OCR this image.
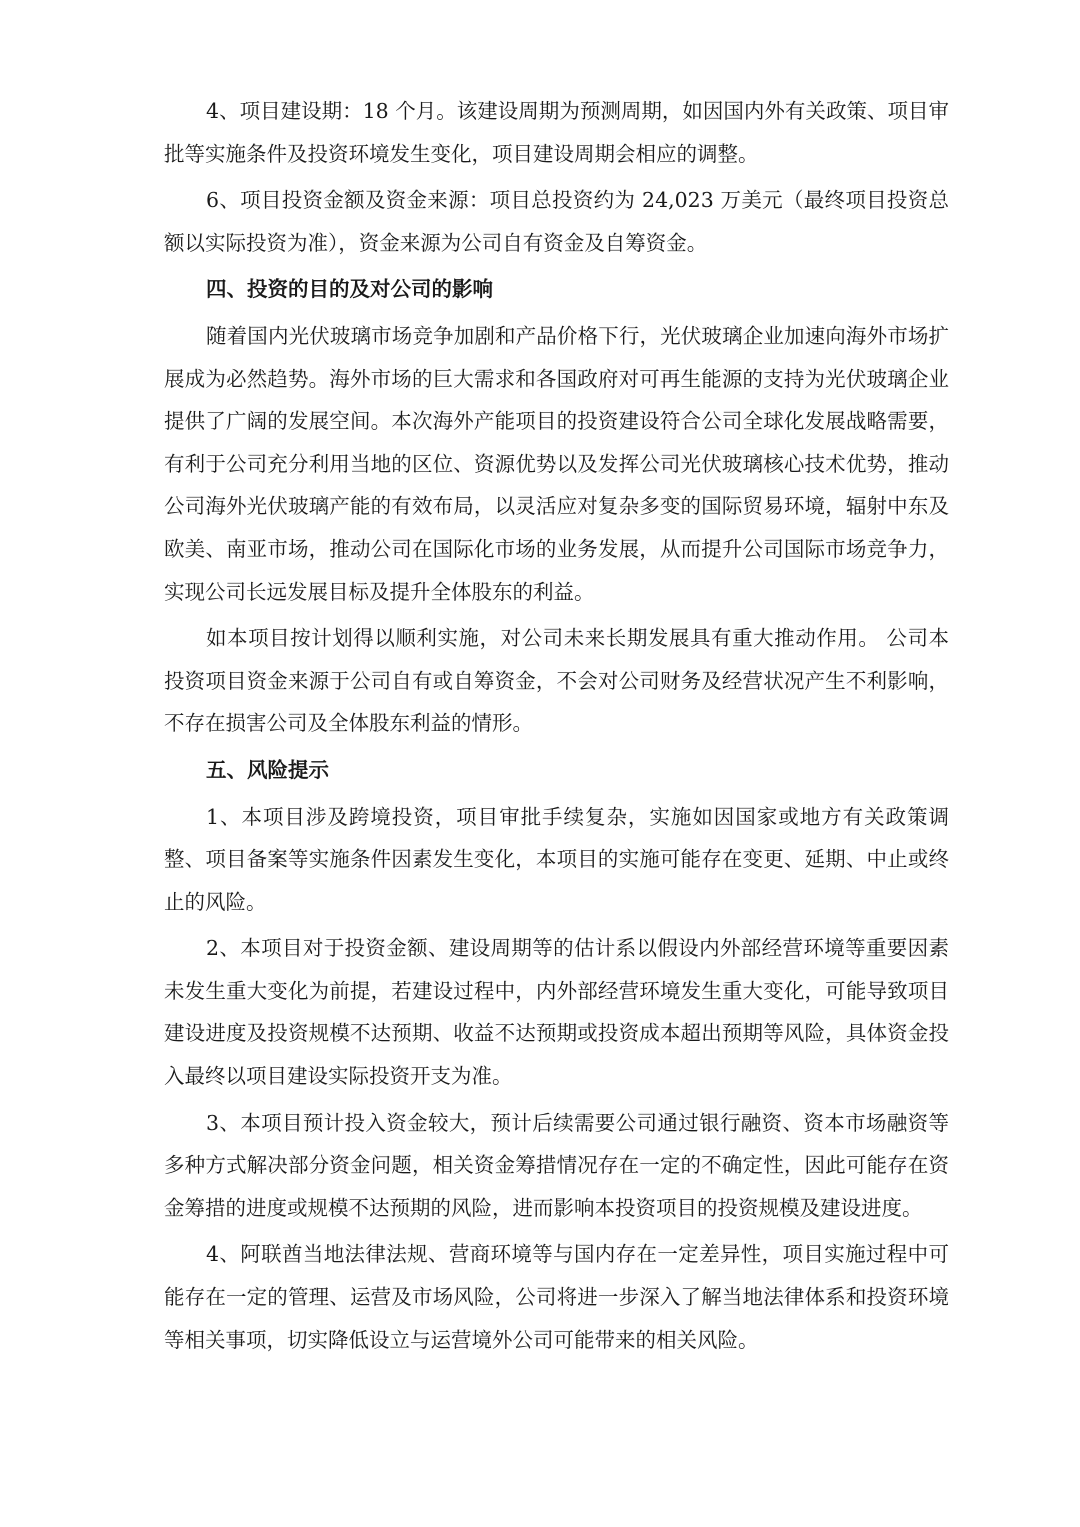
4、项目建设期：18 个月。该建设周期为预测周期，如因国内外有关政策、项目审批等实施条件及投资环境发生变化，项目建设周期会相应的调整。

6、项目投资金额及资金来源：项目总投资约为 24,023 万美元（最终项目投资总额以实际投资为准），资金来源为公司自有资金及自筹资金。

四、投资的目的及对公司的影响

随着国内光伏玻璃市场竞争加剧和产品价格下行，光伏玻璃企业加速向海外市场扩展成为必然趋势。海外市场的巨大需求和各国政府对可再生能源的支持为光伏玻璃企业提供了广阔的发展空间。本次海外产能项目的投资建设符合公司全球化发展战略需要，有利于公司充分利用当地的区位、资源优势以及发挥公司光伏玻璃核心技术优势，推动公司海外光伏玻璃产能的有效布局，以灵活应对复杂多变的国际贸易环境，辐射中东及欧美、南亚市场，推动公司在国际化市场的业务发展，从而提升公司国际市场竞争力，实现公司长远发展目标及提升全体股东的利益。

如本项目按计划得以顺利实施，对公司未来长期发展具有重大推动作用。 公司本投资项目资金来源于公司自有或自筹资金，不会对公司财务及经营状况产生不利影响，不存在损害公司及全体股东利益的情形。

五、风险提示

1、本项目涉及跨境投资，项目审批手续复杂，实施如因国家或地方有关政策调整、项目备案等实施条件因素发生变化，本项目的实施可能存在变更、延期、中止或终止的风险。

2、本项目对于投资金额、建设周期等的估计系以假设内外部经营环境等重要因素未发生重大变化为前提，若建设过程中，内外部经营环境发生重大变化，可能导致项目建设进度及投资规模不达预期、收益不达预期或投资成本超出预期等风险，具体资金投入最终以项目建设实际投资开支为准。

3、本项目预计投入资金较大，预计后续需要公司通过银行融资、资本市场融资等多种方式解决部分资金问题，相关资金筹措情况存在一定的不确定性，因此可能存在资金筹措的进度或规模不达预期的风险，进而影响本投资项目的投资规模及建设进度。

4、阿联酋当地法律法规、营商环境等与国内存在一定差异性，项目实施过程中可能存在一定的管理、运营及市场风险，公司将进一步深入了解当地法律体系和投资环境等相关事项，切实降低设立与运营境外公司可能带来的相关风险。
